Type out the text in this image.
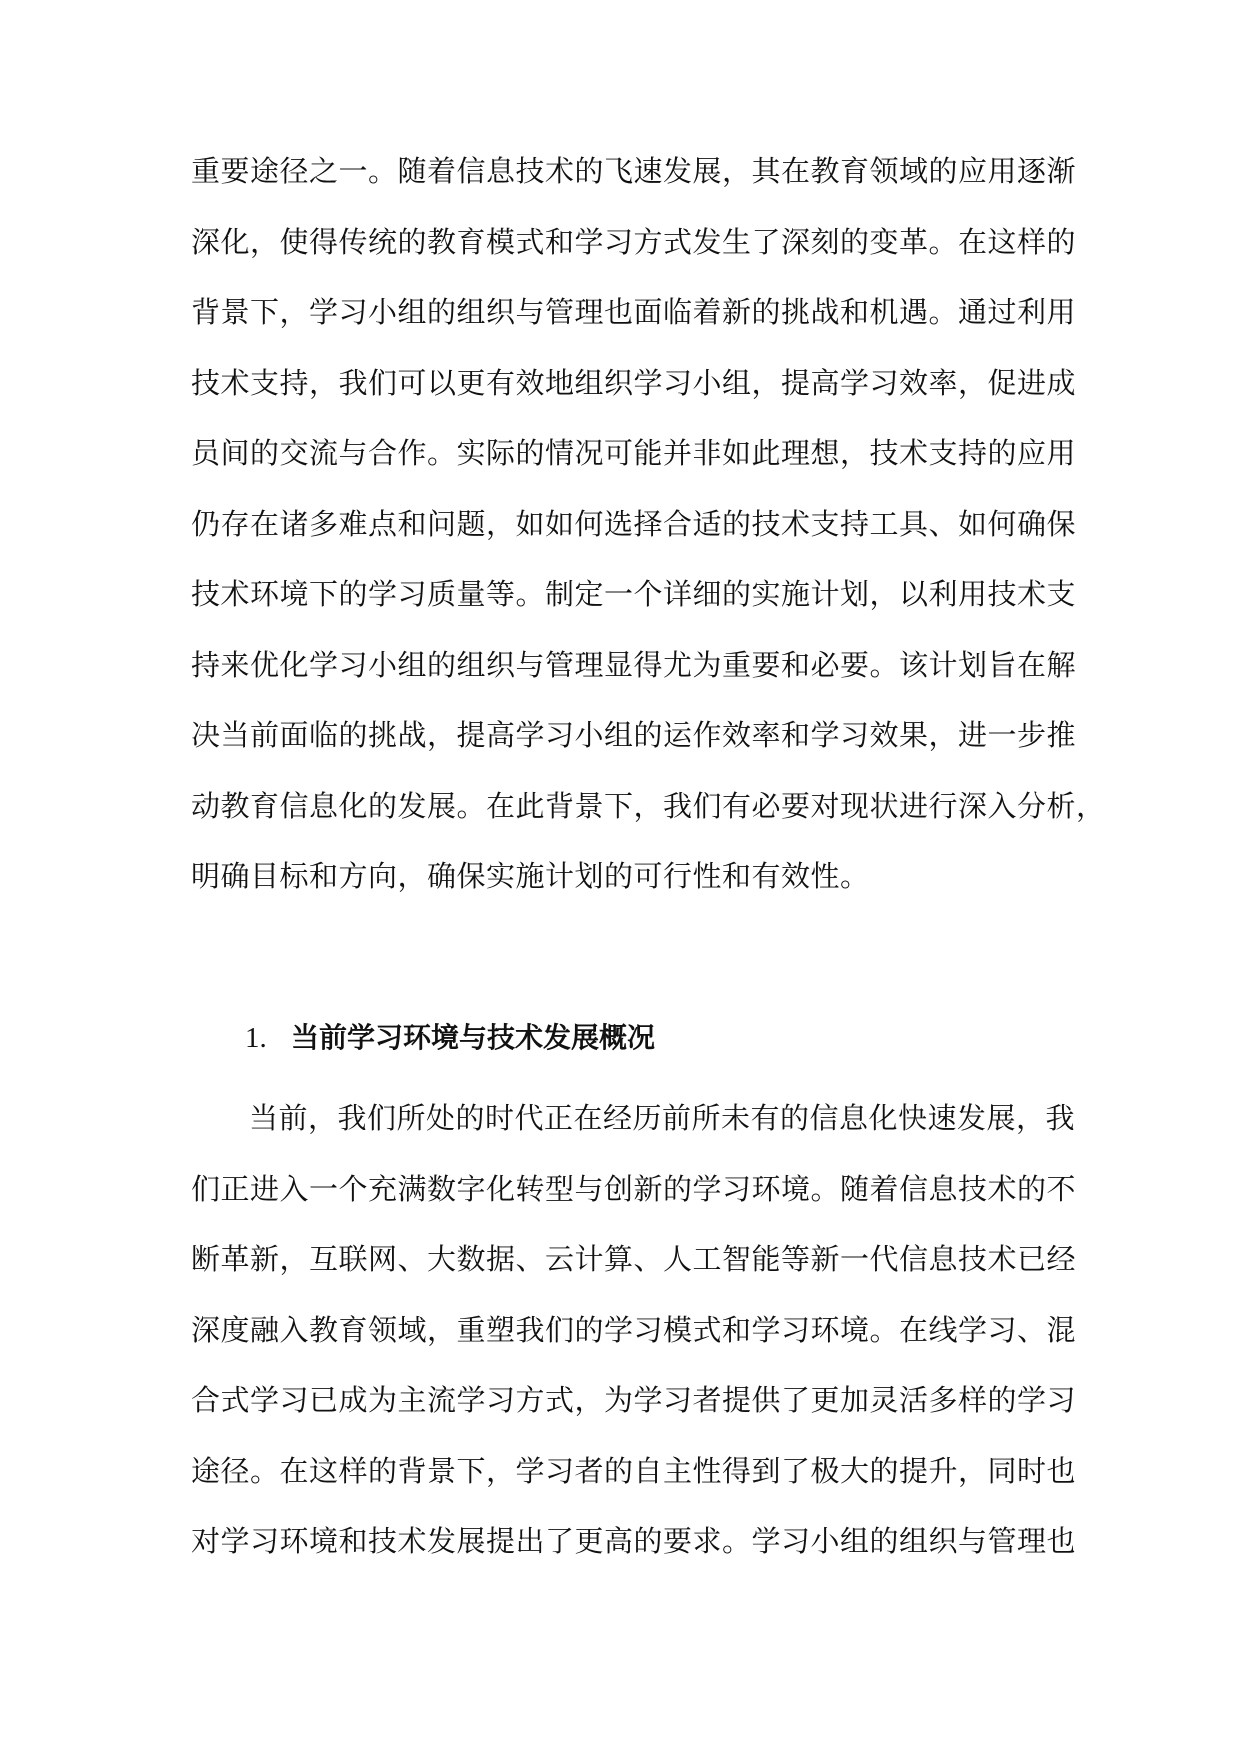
重要途径之一。随着信息技术的飞速发展，其在教育领域的应用逐渐
深化，使得传统的教育模式和学习方式发生了深刻的变革。在这样的
背景下，学习小组的组织与管理也面临着新的挑战和机遇。通过利用
技术支持，我们可以更有效地组织学习小组，提高学习效率，促进成
员间的交流与合作。实际的情况可能并非如此理想，技术支持的应用
仍存在诸多难点和问题，如如何选择合适的技术支持工具、如何确保
技术环境下的学习质量等。制定一个详细的实施计划，以利用技术支
持来优化学习小组的组织与管理显得尤为重要和必要。该计划旨在解
决当前面临的挑战，提高学习小组的运作效率和学习效果，进一步推
动教育信息化的发展。在此背景下，我们有必要对现状进行深入分析，
明确目标和方向，确保实施计划的可行性和有效性。
1. 当前学习环境与技术发展概况
当前，我们所处的时代正在经历前所未有的信息化快速发展，我
们正进入一个充满数字化转型与创新的学习环境。随着信息技术的不
断革新，互联网、大数据、云计算、人工智能等新一代信息技术已经
深度融入教育领域，重塑我们的学习模式和学习环境。在线学习、混
合式学习已成为主流学习方式，为学习者提供了更加灵活多样的学习
途径。在这样的背景下，学习者的自主性得到了极大的提升，同时也
对学习环境和技术发展提出了更高的要求。学习小组的组织与管理也
